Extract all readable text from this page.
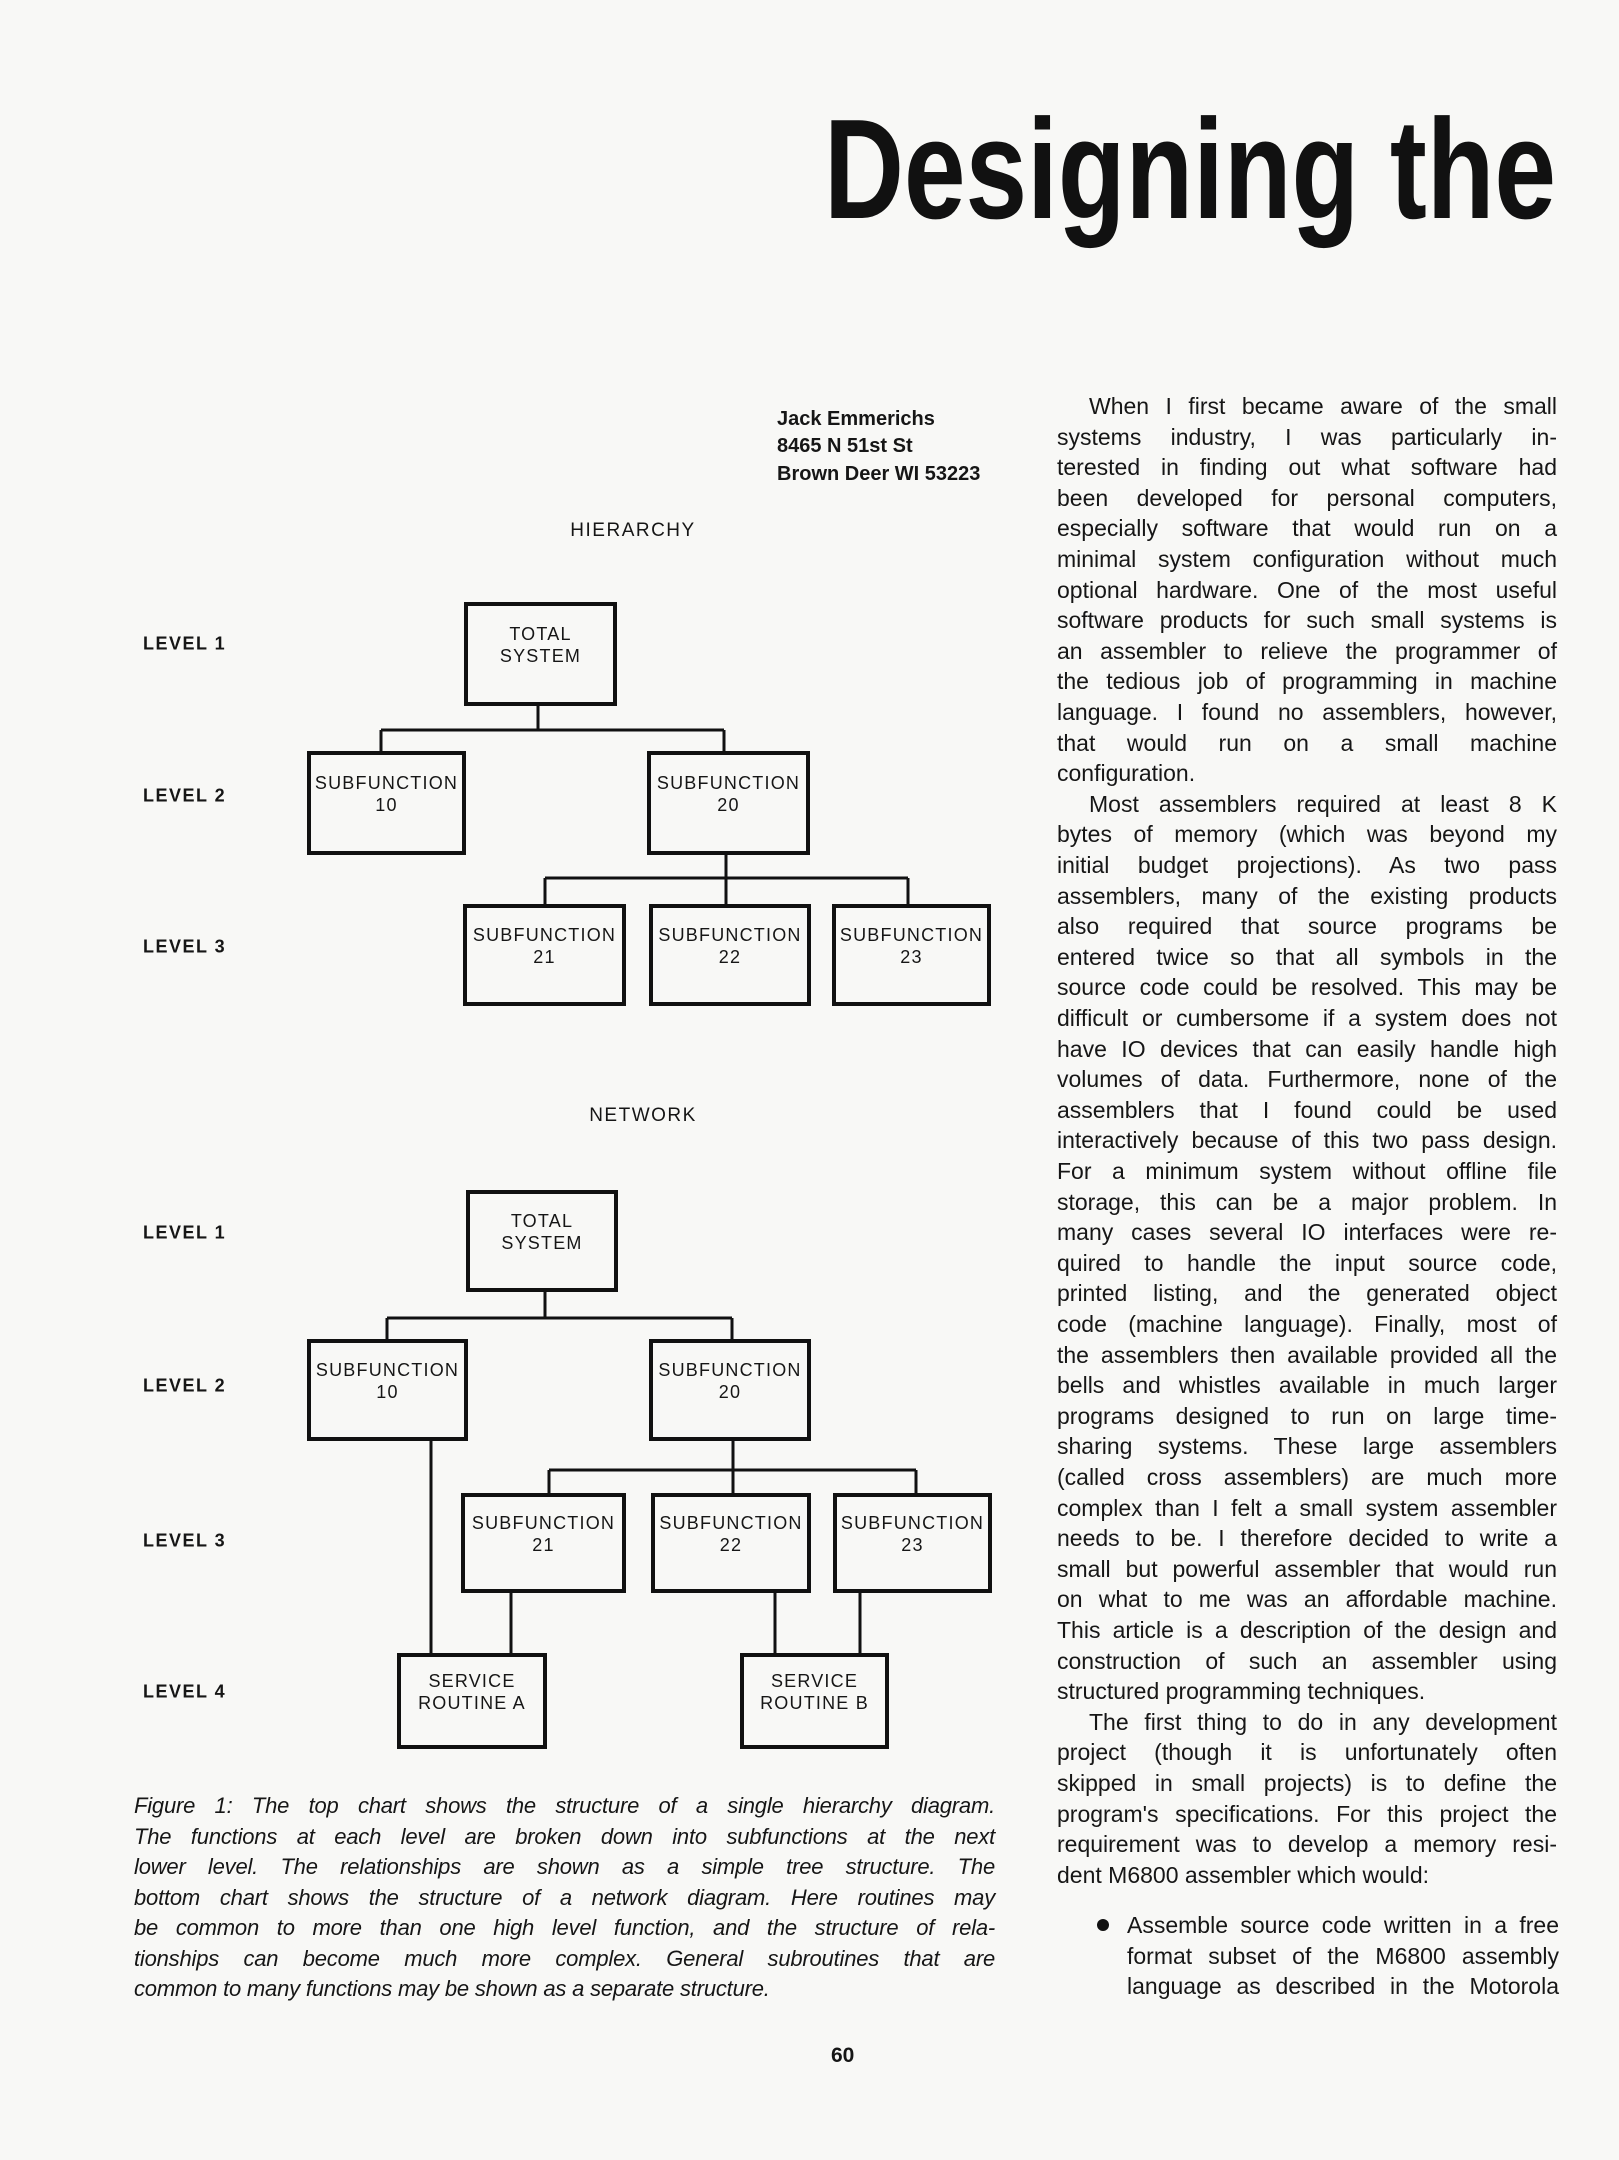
Designing the
Jack Emmerichs
8465 N 51st St
Brown Deer WI 53223
HIERARCHY
LEVEL 1
LEVEL 2
LEVEL 3
TOTAL
SYSTEM
SUBFUNCTION
10
SUBFUNCTION
20
SUBFUNCTION
21
SUBFUNCTION
22
SUBFUNCTION
23
NETWORK
LEVEL 1
LEVEL 2
LEVEL 3
LEVEL 4
TOTAL
SYSTEM
SUBFUNCTION
10
SUBFUNCTION
20
SUBFUNCTION
21
SUBFUNCTION
22
SUBFUNCTION
23
SERVICE
ROUTINE A
SERVICE
ROUTINE B
Figure 1: The top chart shows the structure of a single hierarchy diagram.
The functions at each level are broken down into subfunctions at the next
lower level. The relationships are shown as a simple tree structure. The
bottom chart shows the structure of a network diagram. Here routines may
be common to more than one high level function, and the structure of rela-
tionships can become much more complex. General subroutines that are
common to many functions may be shown as a separate structure.
When I first became aware of the small
systems industry, I was particularly in-
terested in finding out what software had
been developed for personal computers,
especially software that would run on a
minimal system configuration without much
optional hardware. One of the most useful
software products for such small systems is
an assembler to relieve the programmer of
the tedious job of programming in machine
language. I found no assemblers, however,
that would run on a small machine
configuration.
Most assemblers required at least 8 K
bytes of memory (which was beyond my
initial budget projections). As two pass
assemblers, many of the existing products
also required that source programs be
entered twice so that all symbols in the
source code could be resolved. This may be
difficult or cumbersome if a system does not
have IO devices that can easily handle high
volumes of data. Furthermore, none of the
assemblers that I found could be used
interactively because of this two pass design.
For a minimum system without offline file
storage, this can be a major problem. In
many cases several IO interfaces were re-
quired to handle the input source code,
printed listing, and the generated object
code (machine language). Finally, most of
the assemblers then available provided all the
bells and whistles available in much larger
programs designed to run on large time-
sharing systems. These large assemblers
(called cross assemblers) are much more
complex than I felt a small system assembler
needs to be. I therefore decided to write a
small but powerful assembler that would run
on what to me was an affordable machine.
This article is a description of the design and
construction of such an assembler using
structured programming techniques.
The first thing to do in any development
project (though it is unfortunately often
skipped in small projects) is to define the
program's specifications. For this project the
requirement was to develop a memory resi-
dent M6800 assembler which would:
Assemble source code written in a free
format subset of the M6800 assembly
language as described in the Motorola
60
